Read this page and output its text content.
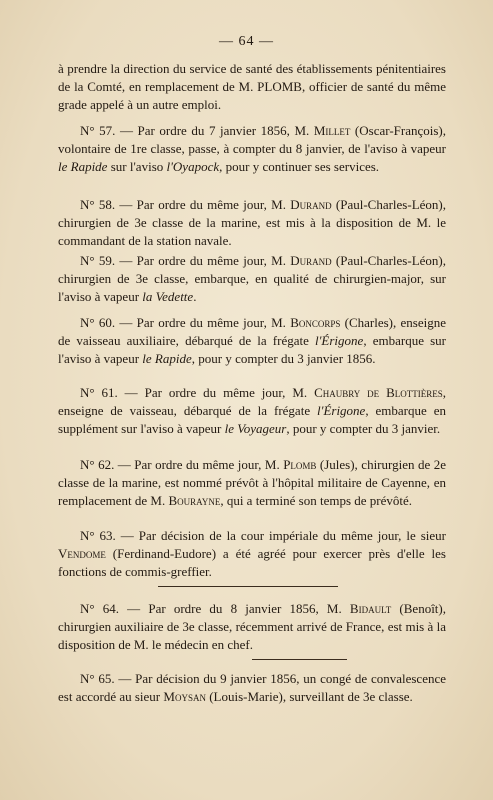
— 64 —

à prendre la direction du service de santé des établissements pénitentiaires de la Comté, en remplacement de M. PLOMB, officier de santé du même grade appelé à un autre emploi.

N° 57. — Par ordre du 7 janvier 1856, M. Millet (Oscar-François), volontaire de 1re classe, passe, à compter du 8 janvier, de l'aviso à vapeur le Rapide sur l'aviso l'Oyapock, pour y continuer ses services.

N° 58. — Par ordre du même jour, M. Durand (Paul-Charles-Léon), chirurgien de 3e classe de la marine, est mis à la disposition de M. le commandant de la station navale.

N° 59. — Par ordre du même jour, M. Durand (Paul-Charles-Léon), chirurgien de 3e classe, embarque, en qualité de chirurgien-major, sur l'aviso à vapeur la Vedette.

N° 60. — Par ordre du même jour, M. Boncorps (Charles), enseigne de vaisseau auxiliaire, débarqué de la frégate l'Érigone, embarque sur l'aviso à vapeur le Rapide, pour y compter du 3 janvier 1856.

N° 61. — Par ordre du même jour, M. Chaubry de Blottières, enseigne de vaisseau, débarqué de la frégate l'Érigone, embarque en supplément sur l'aviso à vapeur le Voyageur, pour y compter du 3 janvier.

N° 62. — Par ordre du même jour, M. Plomb (Jules), chirurgien de 2e classe de la marine, est nommé prévôt à l'hôpital militaire de Cayenne, en remplacement de M. Bourayne, qui a terminé son temps de prévôté.

N° 63. — Par décision de la cour impériale du même jour, le sieur Vendome (Ferdinand-Eudore) a été agréé pour exercer près d'elle les fonctions de commis-greffier.

N° 64. — Par ordre du 8 janvier 1856, M. Bidault (Benoît), chirurgien auxiliaire de 3e classe, récemment arrivé de France, est mis à la disposition de M. le médecin en chef.

N° 65. — Par décision du 9 janvier 1856, un congé de convalescence est accordé au sieur Moysan (Louis-Marie), surveillant de 3e classe.
